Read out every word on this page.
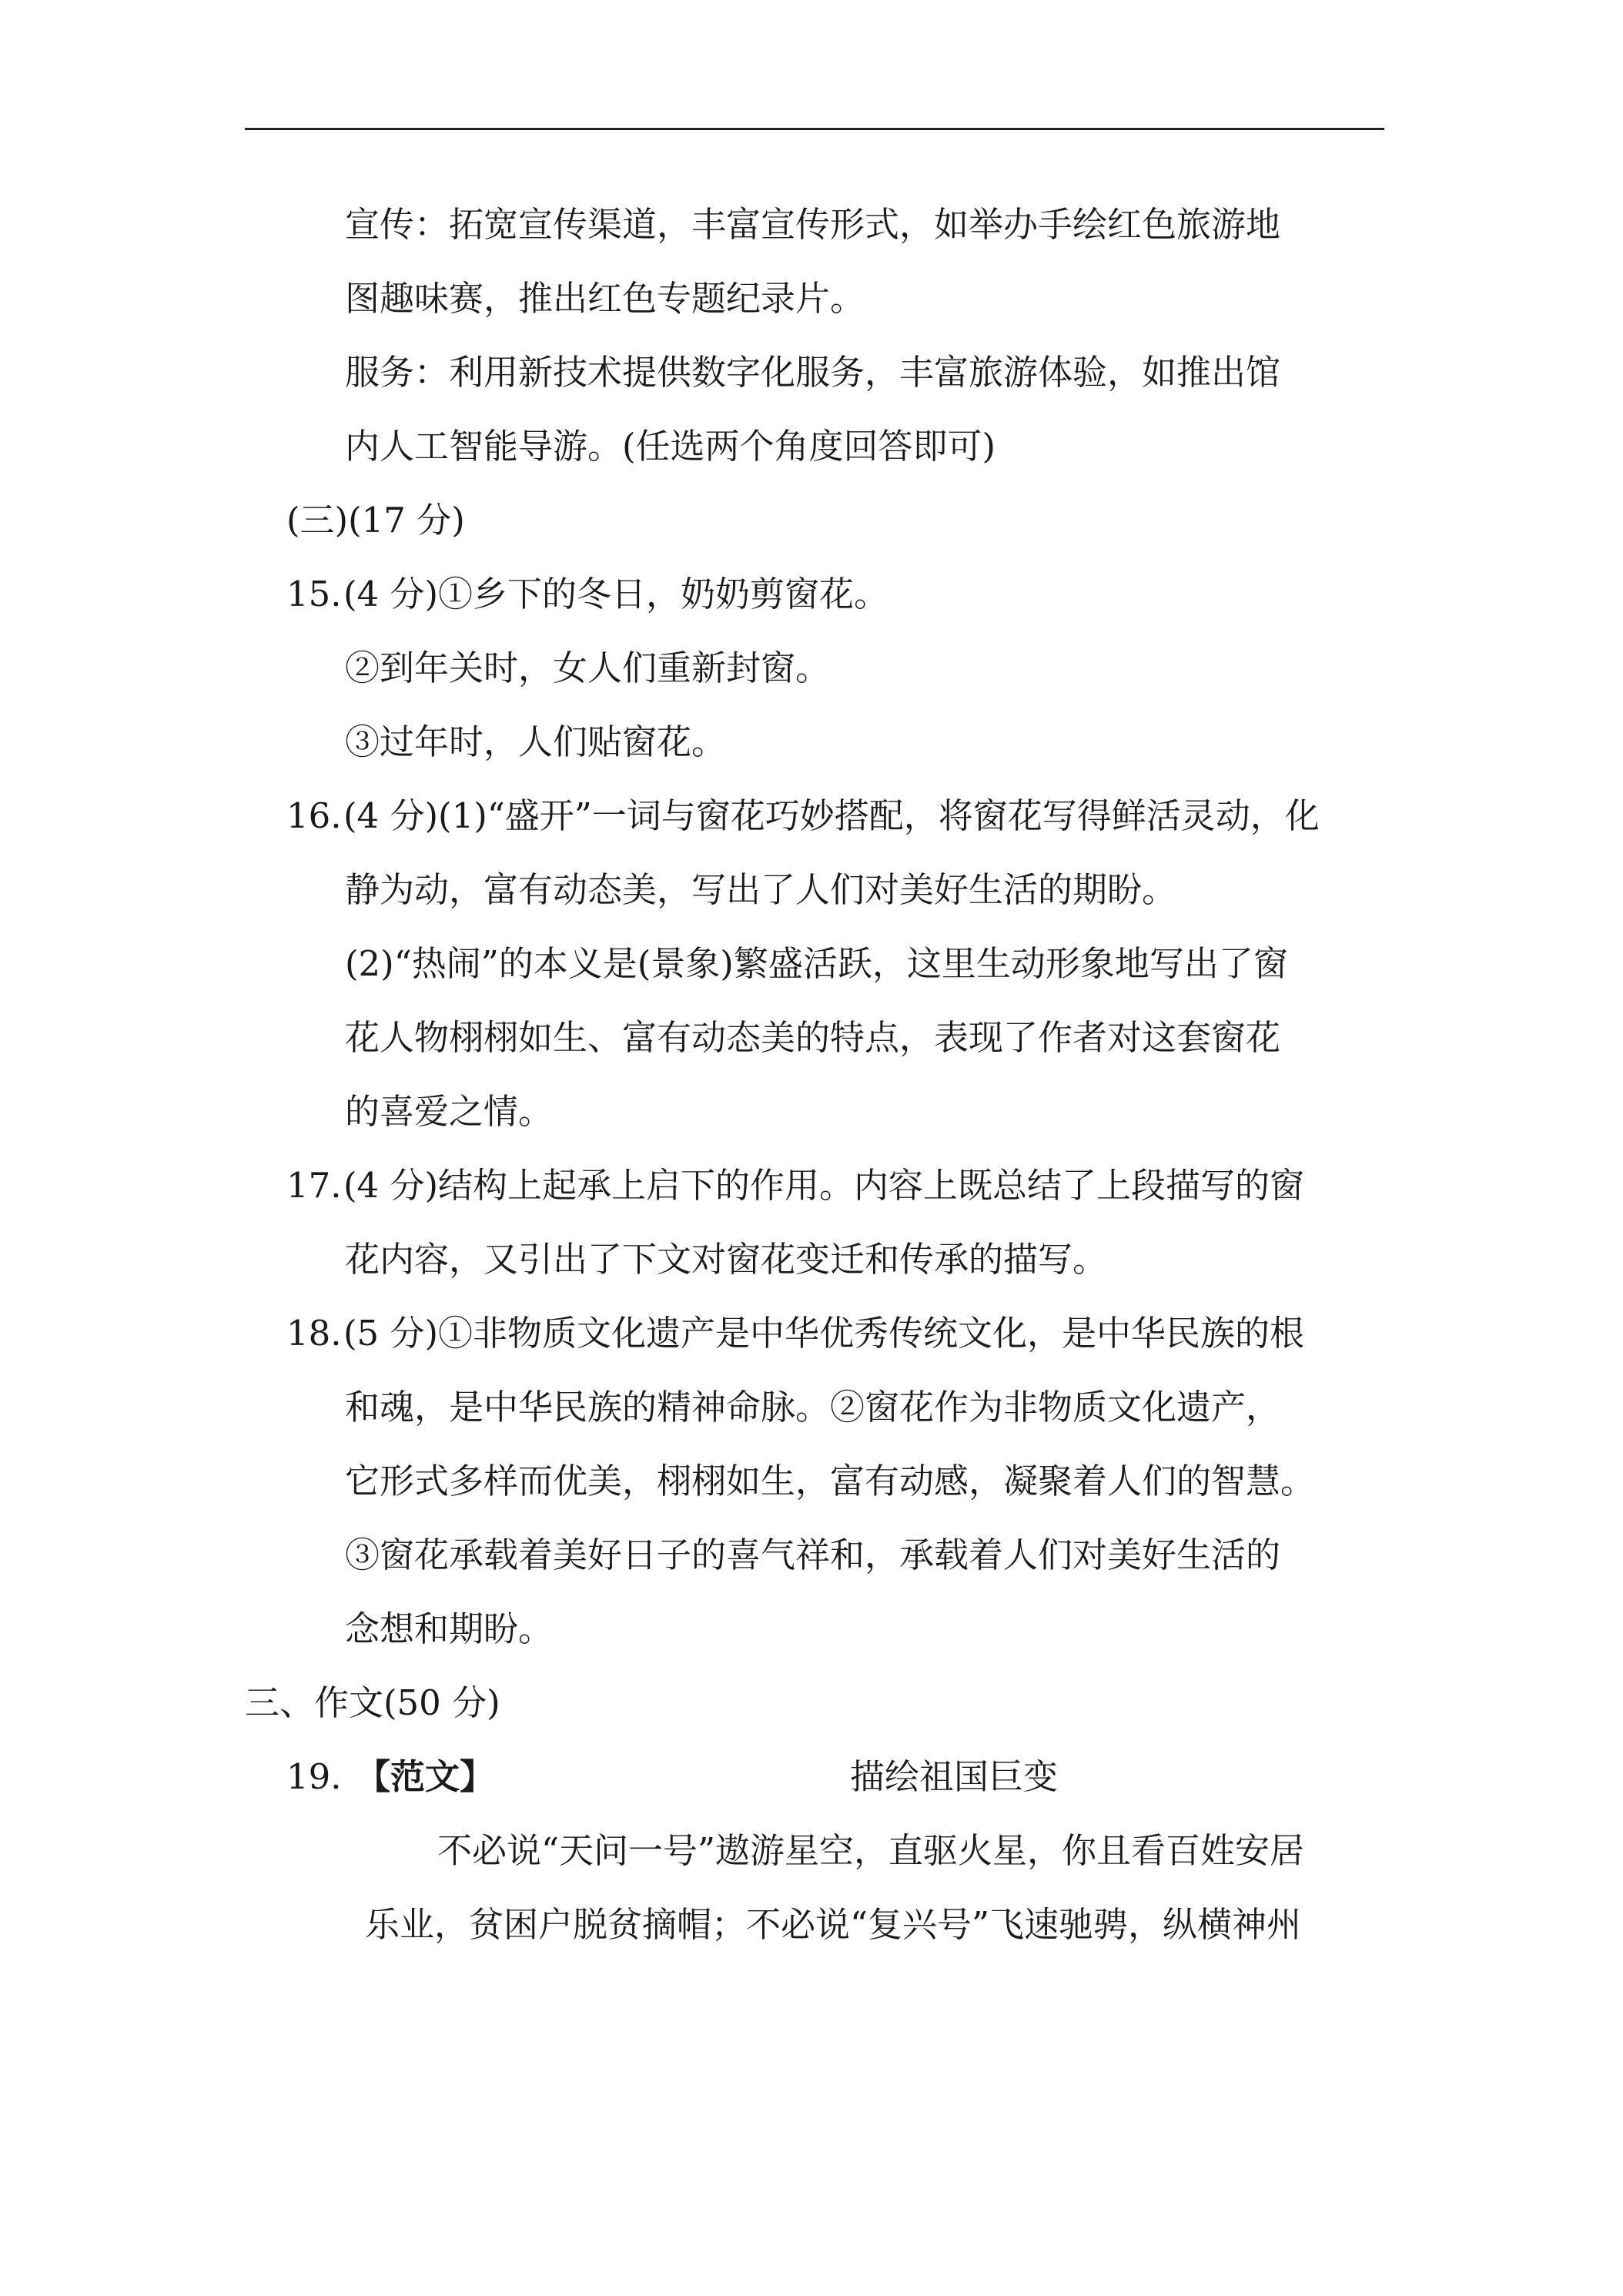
宣传：拓宽宣传渠道，丰富宣传形式，如举办手绘红色旅游地
图趣味赛，推出红色专题纪录片。
服务：利用新技术提供数字化服务，丰富旅游体验，如推出馆
内人工智能导游。(任选两个角度回答即可)
(三)(17 分)
15. (4 分)①乡下的冬日，奶奶剪窗花。
②到年关时，女人们重新封窗。
③过年时，人们贴窗花。
16. (4 分)(1)“盛开”一词与窗花巧妙搭配，将窗花写得鲜活灵动，化
静为动，富有动态美，写出了人们对美好生活的期盼。
(2)“热闹”的本义是(景象)繁盛活跃，这里生动形象地写出了窗
花人物栩栩如生、富有动态美的特点，表现了作者对这套窗花
的喜爱之情。
17. (4 分)结构上起承上启下的作用。内容上既总结了上段描写的窗
花内容，又引出了下文对窗花变迁和传承的描写。
18. (5 分)①非物质文化遗产是中华优秀传统文化，是中华民族的根
和魂，是中华民族的精神命脉。②窗花作为非物质文化遗产，
它形式多样而优美，栩栩如生，富有动感，凝聚着人们的智慧。
③窗花承载着美好日子的喜气祥和，承载着人们对美好生活的
念想和期盼。
三、作文(50 分)
19. 【范文】	描绘祖国巨变
不必说“天问一号”遨游星空，直驱火星，你且看百姓安居
乐业，贫困户脱贫摘帽；不必说“复兴号”飞速驰骋，纵横神州
